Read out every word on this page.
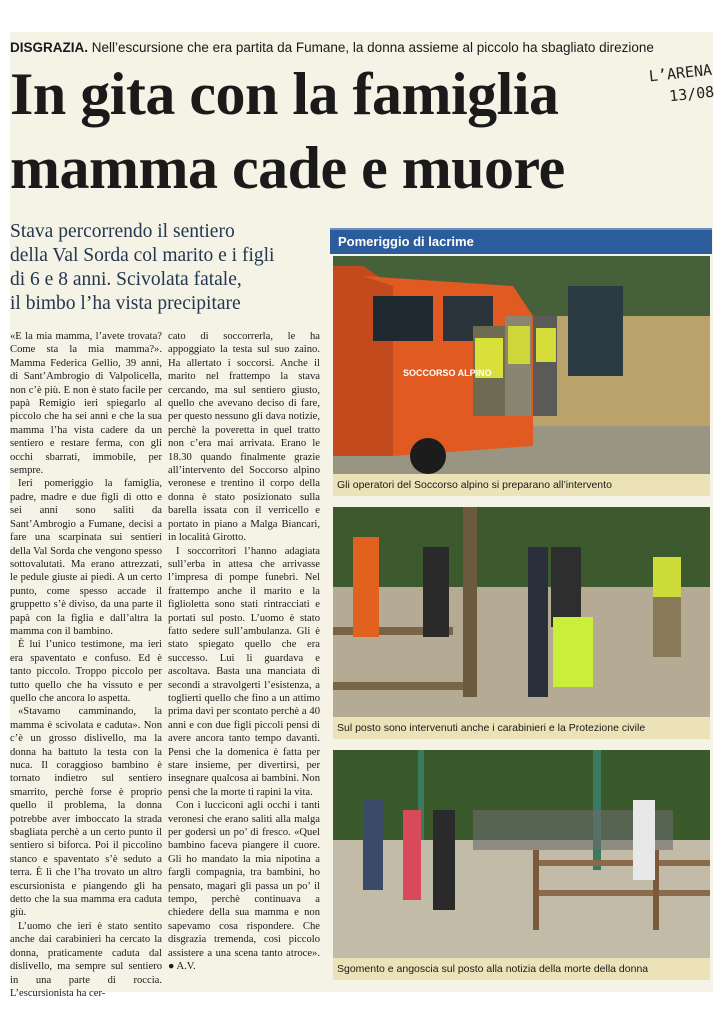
DISGRAZIA. Nell’escursione che era partita da Fumane, la donna assieme al piccolo ha sbagliato direzione
L’ARENA
13/08
In gita con la famiglia
mamma cade e muore
Stava percorrendo il sentiero
della Val Sorda col marito e i figli
di 6 e 8 anni. Scivolata fatale,
il bimbo l’ha vista precipitare

«E la mia mamma, l’avete trovata? Come sta la mia mamma?». Mamma Federica Gellio, 39 anni, di Sant’Ambrogio di Valpolicella, non c’è più. E non è stato facile per papà Remigio ieri spiegarlo al piccolo che ha sei anni e che la sua mamma l’ha vista cadere da un sentiero e restare ferma, con gli occhi sbarrati, immobile, per sempre.

Ieri pomeriggio la famiglia, padre, madre e due figli di otto e sei anni sono saliti da Sant’Ambrogio a Fumane, decisi a fare una scarpinata sui sentieri della Val Sorda che vengono spesso sottovalutati. Ma erano attrezzati, le pedule giuste ai piedi. A un certo punto, come spesso accade il gruppetto s’è diviso, da una parte il papà con la figlia e dall’altra la mamma con il bambino.

È lui l’unico testimone, ma ieri era spaventato e confuso. Ed è tanto piccolo. Troppo piccolo per tutto quello che ha vissuto e per quello che ancora lo aspetta.

«Stavamo camminando, la mamma è scivolata e caduta». Non c’è un grosso dislivello, ma la donna ha battuto la testa con la nuca. Il coraggioso bambino è tornato indietro sul sentiero smarrito, perchè forse è proprio quello il problema, la donna potrebbe aver imboccato la strada sbagliata perchè a un certo punto il sentiero si biforca. Poi il piccolino stanco e spaventato s’è seduto a terra. È lì che l’ha trovato un altro escursionista e piangendo gli ha detto che la sua mamma era caduta giù.

L’uomo che ieri è stato sentito anche dai carabinieri ha cercato la donna, praticamente caduta dal dislivello, ma sempre sul sentiero in una parte di roccia. L’escursionista ha cer-

cato di soccorrerla, le ha appoggiato la testa sul suo zaino. Ha allertato i soccorsi. Anche il marito nel frattempo la stava cercando, ma sul sentiero giusto, quello che avevano deciso di fare, per questo nessuno gli dava notizie, perchè la poveretta in quel tratto non c’era mai arrivata. Erano le 18.30 quando finalmente grazie all’intervento del Soccorso alpino veronese e trentino il corpo della donna è stato posizionato sulla barella issata con il verricello e portato in piano a Malga Biancari, in località Girotto.

I soccorritori l’hanno adagiata sull’erba in attesa che arrivasse l’impresa di pompe funebri. Nel frattempo anche il marito e la figlioletta sono stati rintracciati e portati sul posto. L’uomo è stato fatto sedere sull’ambulanza. Gli è stato spiegato quello che era successo. Lui li guardava e ascoltava. Basta una manciata di secondi a stravolgerti l’esistenza, a toglierti quello che fino a un attimo prima davi per scontato perchè a 40 anni e con due figli piccoli pensi di avere ancora tanto tempo davanti. Pensi che la domenica è fatta per stare insieme, per divertirsi, per insegnare qualcosa ai bambini. Non pensi che la morte ti rapini la vita.

Con i lucciconi agli occhi i tanti veronesi che erano saliti alla malga per godersi un po’ di fresco. «Quel bambino faceva piangere il cuore. Gli ho mandato la mia nipotina a fargli compagnia, tra bambini, ho pensato, magari gli passa un po’ il tempo, perchè continuava a chiedere della sua mamma e non sapevamo cosa rispondere. Che disgrazia tremenda, così piccolo assistere a una scena tanto atroce». ● A.V.

Pomeriggio di lacrime
SOCCORSO ALPINO
Gli operatori del Soccorso alpino si preparano all’intervento
Sul posto sono intervenuti anche i carabinieri e la Protezione civile
Sgomento e angoscia sul posto alla notizia della morte della donna
